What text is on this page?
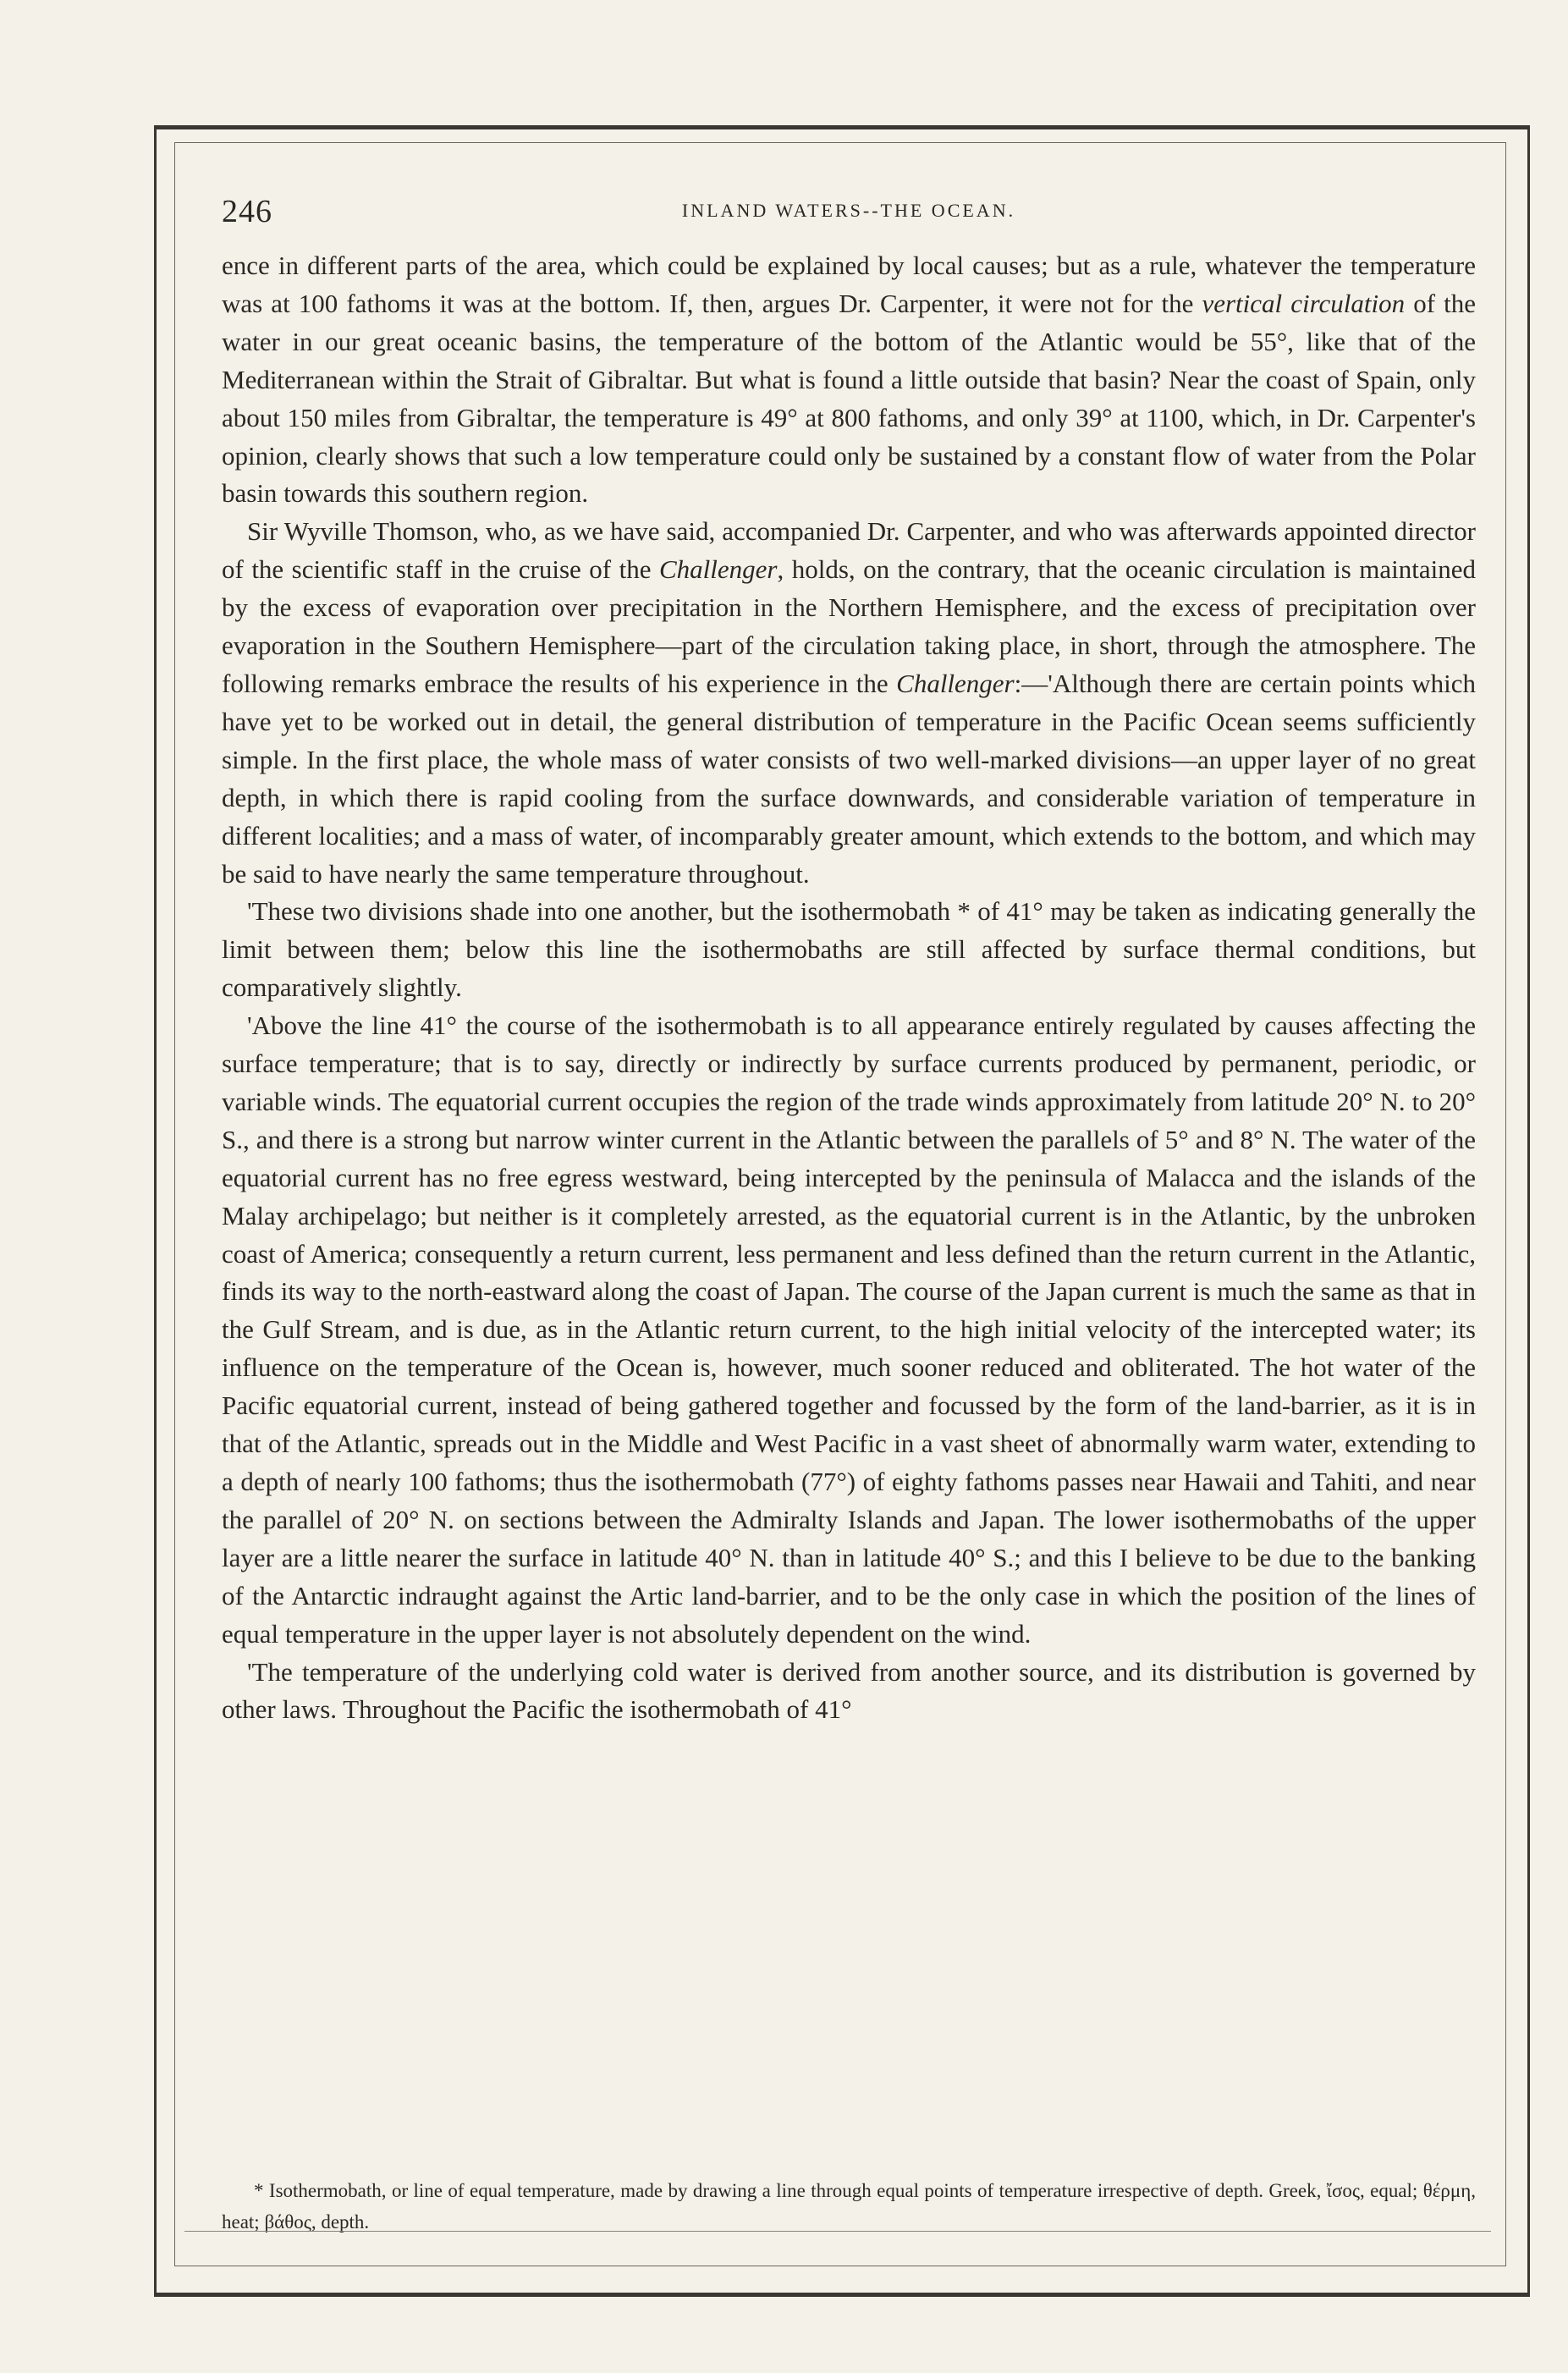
246	INLAND WATERS--THE OCEAN.

ence in different parts of the area, which could be explained by local causes; but as a rule, whatever the temperature was at 100 fathoms it was at the bottom. If, then, argues Dr. Carpenter, it were not for the vertical circulation of the water in our great oceanic basins, the temperature of the bottom of the Atlantic would be 55°, like that of the Mediterranean within the Strait of Gibraltar. But what is found a little outside that basin? Near the coast of Spain, only about 150 miles from Gibraltar, the temperature is 49° at 800 fathoms, and only 39° at 1100, which, in Dr. Carpenter's opinion, clearly shows that such a low temperature could only be sustained by a constant flow of water from the Polar basin towards this southern region.

Sir Wyville Thomson, who, as we have said, accompanied Dr. Carpenter, and who was afterwards appointed director of the scientific staff in the cruise of the Challenger, holds, on the contrary, that the oceanic circulation is maintained by the excess of evaporation over precipitation in the Northern Hemisphere, and the excess of precipitation over evaporation in the Southern Hemisphere—part of the circulation taking place, in short, through the atmosphere. The following remarks embrace the results of his experience in the Challenger:—'Although there are certain points which have yet to be worked out in detail, the general distribution of temperature in the Pacific Ocean seems sufficiently simple. In the first place, the whole mass of water consists of two well-marked divisions—an upper layer of no great depth, in which there is rapid cooling from the surface downwards, and considerable variation of temperature in different localities; and a mass of water, of incomparably greater amount, which extends to the bottom, and which may be said to have nearly the same temperature throughout.

'These two divisions shade into one another, but the isothermobath * of 41° may be taken as indicating generally the limit between them; below this line the isothermobaths are still affected by surface thermal conditions, but comparatively slightly.

'Above the line 41° the course of the isothermobath is to all appearance entirely regulated by causes affecting the surface temperature; that is to say, directly or indirectly by surface currents produced by permanent, periodic, or variable winds. The equatorial current occupies the region of the trade winds approximately from latitude 20° N. to 20° S., and there is a strong but narrow winter current in the Atlantic between the parallels of 5° and 8° N. The water of the equatorial current has no free egress westward, being intercepted by the peninsula of Malacca and the islands of the Malay archipelago; but neither is it completely arrested, as the equatorial current is in the Atlantic, by the unbroken coast of America; consequently a return current, less permanent and less defined than the return current in the Atlantic, finds its way to the north-eastward along the coast of Japan. The course of the Japan current is much the same as that in the Gulf Stream, and is due, as in the Atlantic return current, to the high initial velocity of the intercepted water; its influence on the temperature of the Ocean is, however, much sooner reduced and obliterated. The hot water of the Pacific equatorial current, instead of being gathered together and focussed by the form of the land-barrier, as it is in that of the Atlantic, spreads out in the Middle and West Pacific in a vast sheet of abnormally warm water, extending to a depth of nearly 100 fathoms; thus the isothermobath (77°) of eighty fathoms passes near Hawaii and Tahiti, and near the parallel of 20° N. on sections between the Admiralty Islands and Japan. The lower isothermobaths of the upper layer are a little nearer the surface in latitude 40° N. than in latitude 40° S.; and this I believe to be due to the banking of the Antarctic indraught against the Artic land-barrier, and to be the only case in which the position of the lines of equal temperature in the upper layer is not absolutely dependent on the wind.

'The temperature of the underlying cold water is derived from another source, and its distribution is governed by other laws. Throughout the Pacific the isothermobath of 41°

* Isothermobath, or line of equal temperature, made by drawing a line through equal points of temperature irrespective of depth. Greek, ἴσος, equal; θέρμη, heat; βάθος, depth.
